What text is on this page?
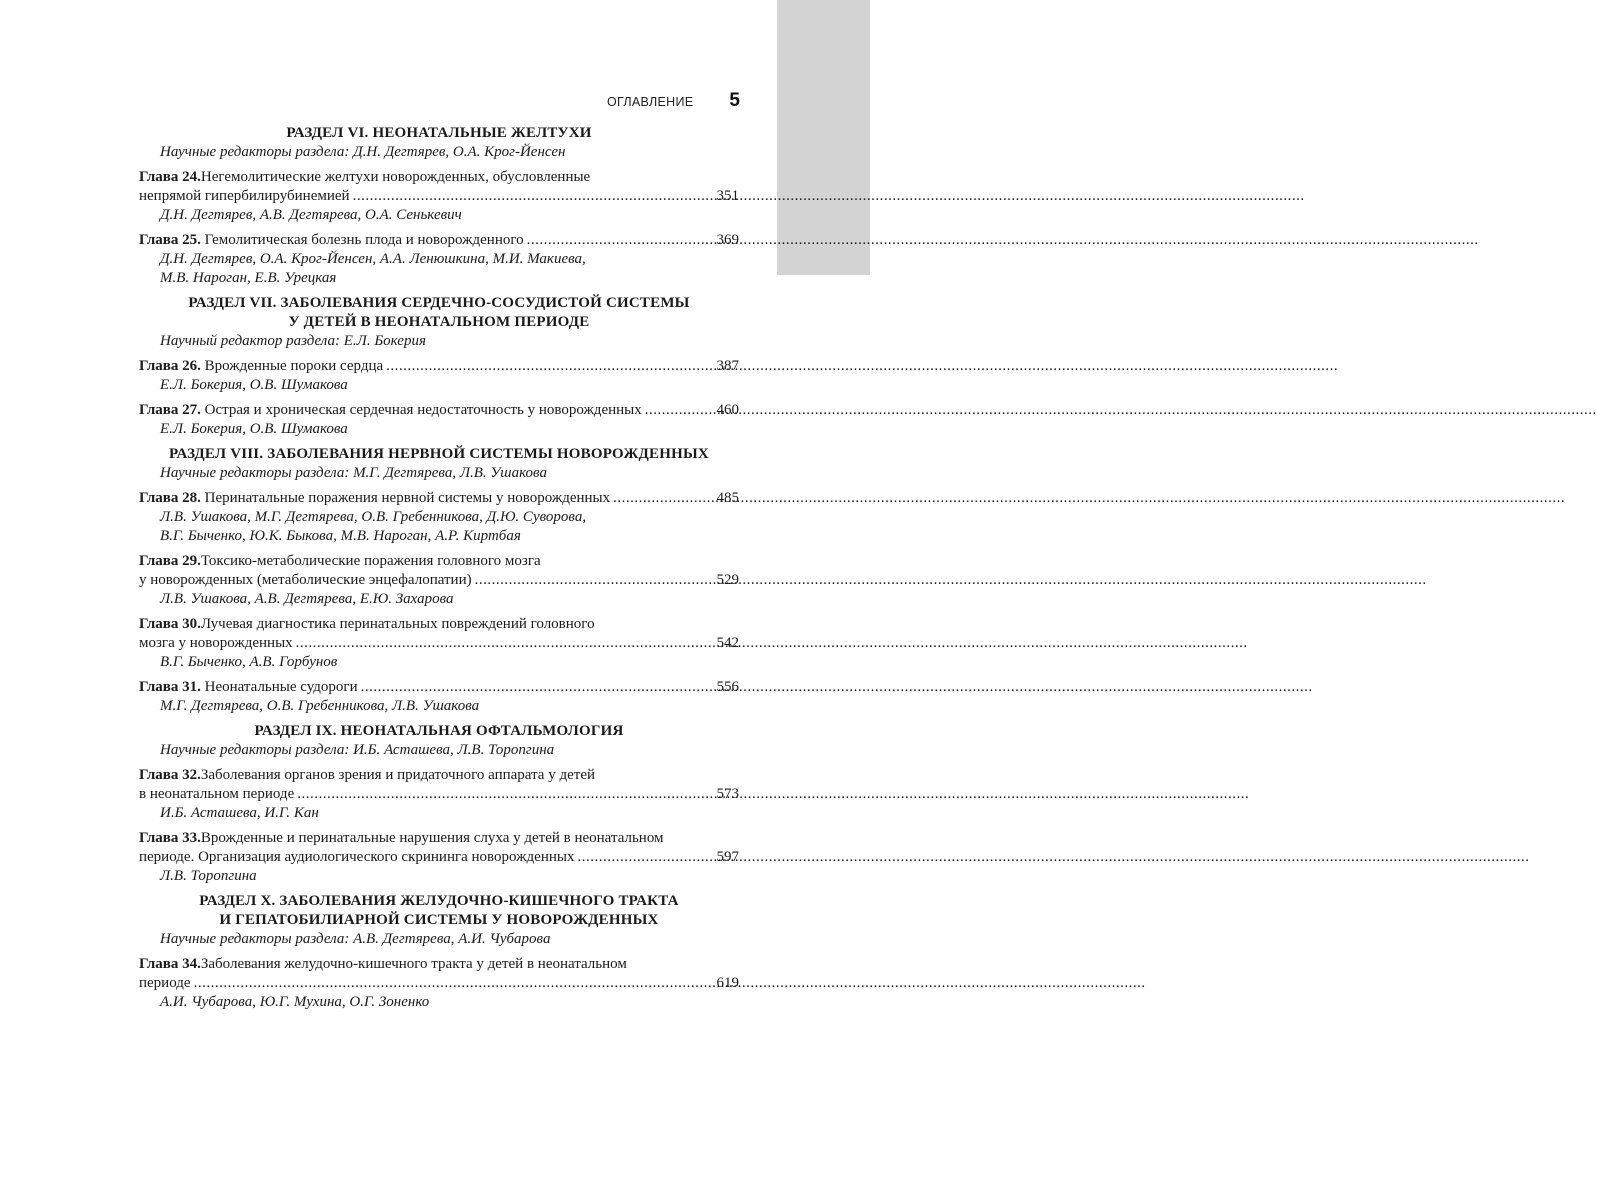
ОГЛАВЛЕНИЕ 5
РАЗДЕЛ VI. НЕОНАТАЛЬНЫЕ ЖЕЛТУХИ
Научные редакторы раздела: Д.Н. Дегтярев, О.А. Крог-Йенсен
Глава 24. Негемолитические желтухи новорожденных, обусловленные
непрямой гипербилирубинемией .....	351
Д.Н. Дегтярев, А.В. Дегтярева, О.А. Сенькевич
Глава 25.
Гемолитическая болезнь плода и новорожденного .....	369
Д.Н. Дегтярев, О.А. Крог-Йенсен, А.А. Ленюшкина, М.И. Макиева,
М.В. Нароган, Е.В. Урецкая
РАЗДЕЛ VII. ЗАБОЛЕВАНИЯ СЕРДЕЧНО-СОСУДИСТОЙ СИСТЕМЫ
У ДЕТЕЙ В НЕОНАТАЛЬНОМ ПЕРИОДЕ
Научный редактор раздела: Е.Л. Бокерия
Глава 26.
Врожденные пороки сердца .....	387
Е.Л. Бокерия, О.В. Шумакова
Глава 27.
Острая и хроническая сердечная недостаточность у новорожденных .....	460
Е.Л. Бокерия, О.В. Шумакова
РАЗДЕЛ VIII. ЗАБОЛЕВАНИЯ НЕРВНОЙ СИСТЕМЫ НОВОРОЖДЕННЫХ
Научные редакторы раздела: М.Г. Дегтярева, Л.В. Ушакова
Глава 28.
Перинатальные поражения нервной системы у новорожденных .....	485
Л.В. Ушакова, М.Г. Дегтярева, О.В. Гребенникова, Д.Ю. Суворова,
В.Г. Быченко, Ю.К. Быкова, М.В. Нароган, А.Р. Киртбая
Глава 29. Токсико-метаболические поражения головного мозга
у новорожденных (метаболические энцефалопатии) .....	529
Л.В. Ушакова, А.В. Дегтярева, Е.Ю. Захарова
Глава 30. Лучевая диагностика перинатальных повреждений головного
мозга у новорожденных .....	542
В.Г. Быченко, А.В. Горбунов
Глава 31.
Неонатальные судороги .....	556
М.Г. Дегтярева, О.В. Гребенникова, Л.В. Ушакова
РАЗДЕЛ IX. НЕОНАТАЛЬНАЯ ОФТАЛЬМОЛОГИЯ
Научные редакторы раздела: И.Б. Асташева, Л.В. Торопгина
Глава 32. Заболевания органов зрения и придаточного аппарата у детей
в неонатальном периоде .....	573
И.Б. Асташева, И.Г. Кан
Глава 33. Врожденные и перинатальные нарушения слуха у детей в неонатальном
периоде. Организация аудиологического скрининга новорожденных .....	597
Л.В. Торопгина
РАЗДЕЛ X. ЗАБОЛЕВАНИЯ ЖЕЛУДОЧНО-КИШЕЧНОГО ТРАКТА
И ГЕПАТОБИЛИАРНОЙ СИСТЕМЫ У НОВОРОЖДЕННЫХ
Научные редакторы раздела: А.В. Дегтярева, А.И. Чубарова
Глава 34. Заболевания желудочно-кишечного тракта у детей в неонатальном
периоде .....	619
А.И. Чубарова, Ю.Г. Мухина, О.Г. Зоненко
